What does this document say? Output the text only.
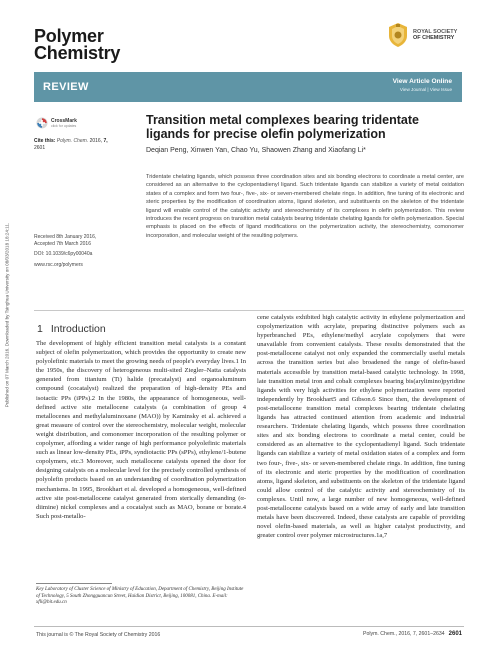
Published on 07 March 2016. Downloaded by Tsinghua University on 08/03/2018 18:24:11.
Polymer
Chemistry
ROYAL SOCIETY
OF CHEMISTRY
REVIEW	View Article Online
View Journal | View Issue
CrossMark
click for updates
Cite this: Polym. Chem. 2016, 7,
2601
Transition metal complexes bearing tridentate ligands for precise olefin polymerization
Deqian Peng, Xinwen Yan, Chao Yu, Shaowen Zhang and Xiaofang Li*
Tridentate chelating ligands, which possess three coordination sites and six bonding electrons to coordinate a metal center, are considered as an alternative to the cyclopentadienyl ligand. Such tridentate ligands can stabilize a variety of metal oxidation states of a complex and form two four-, five-, six- or seven-membered chelate rings. In addition, fine tuning of its electronic and steric properties by the modification of coordination atoms, ligand skeleton, and substituents on the skeleton of the tridentate ligand will enable control of the catalytic activity and stereochemistry of its complexes in olefin polymerization. This review introduces the recent progress on transition metal catalysts bearing tridentate chelating ligands for olefin polymerization. Special emphasis is placed on the effects of ligand modifications on the polymerization activity, the stereochemistry, comonomer incorporation, and molecular weight of the resulting polymers.
Received 8th January 2016,
Accepted 7th March 2016
DOI: 10.1039/c6py00040a
www.rsc.org/polymers
1 Introduction
The development of highly efficient transition metal catalysts is a constant subject of olefin polymerization, which provides the opportunity to create new polyolefinic materials to meet the growing needs of people's everyday lives.1 In the 1950s, the discovery of heterogeneous multi-sited Ziegler–Natta catalysts generated from titanium (Ti) halide (precatalyst) and organoaluminum compound (cocatalyst) realized the preparation of high-density PEs and isotactic PPs (iPPs).2 In the 1980s, the appearance of homogeneous, well-defined active site metallocene catalysts (a combination of group 4 metallocenes and methylaluminoxane (MAO)) by Kaminsky et al. achieved a great measure of control over the stereochemistry, molecular weight, molecular weight distribution, and comonomer incorporation of the resulting polymer or copolymer, affording a wider range of high performance polyolefinic materials such as linear low-density PEs, iPPs, syndiotactic PPs (sPPs), ethylene/1-butene copolymers, etc.3 Moreover, such metallocene catalysts opened the door for designing catalysts on a molecular level for the precisely controlled synthesis of polyolefin products based on an understanding of coordination polymerization mechanisms. In 1995, Brookhart et al. developed a homogeneous, well-defined active site post-metallocene catalyst generated from sterically demanding (α-diimine) nickel complexes and a cocatalyst such as MAO, borane or borate.4 Such post-metallo-
cene catalysts exhibited high catalytic activity in ethylene polymerization and copolymerization with acrylate, preparing distinctive polymers such as hyperbranched PEs, ethylene/methyl acrylate copolymers that were unavailable from convenient catalysts. These results demonstrated that the post-metallocene catalyst not only expanded the commercially useful metals across the transition series but also broadened the range of olefin-based materials accessible by transition metal-based catalytic technology. In 1998, late transition metal iron and cobalt complexes bearing bis(arylimino)pyridine ligands with very high activities for ethylene polymerization were reported independently by Brookhart5 and Gibson.6 Since then, the development of post-metallocene transition metal complexes bearing tridentate chelating ligands has attracted continued attention from academic and industrial researchers. Tridentate chelating ligands, which possess three coordination sites and six bonding electrons to coordinate a metal center, could be considered as an alternative to the cyclopentadienyl ligand. Such tridentate ligands can stabilize a variety of metal oxidation states of a complex and form two four-, five-, six- or seven-membered chelate rings. In addition, fine tuning of its electronic and steric properties by the modification of coordination atoms, ligand skeleton, and substituents on the skeleton of the tridentate ligand could allow control of the catalytic activity and stereochemistry of its complexes. Until now, a large number of new homogeneous, well-defined post-metallocene catalysts based on a wide array of early and late transition metals have been discovered. Indeed, these catalysts are capable of providing novel olefin-based materials, as well as higher catalyst productivity, and greater control over polymer microstructures.1a,7
Key Laboratory of Cluster Science of Ministry of Education, Department of Chemistry, Beijing Institute of Technology, 5 South Zhongguancun Street, Haidian District, Beijing, 100081, China. E-mail: xfli@bit.edu.cn
This journal is © The Royal Society of Chemistry 2016	Polym. Chem., 2016, 7, 2601–2634 2601
